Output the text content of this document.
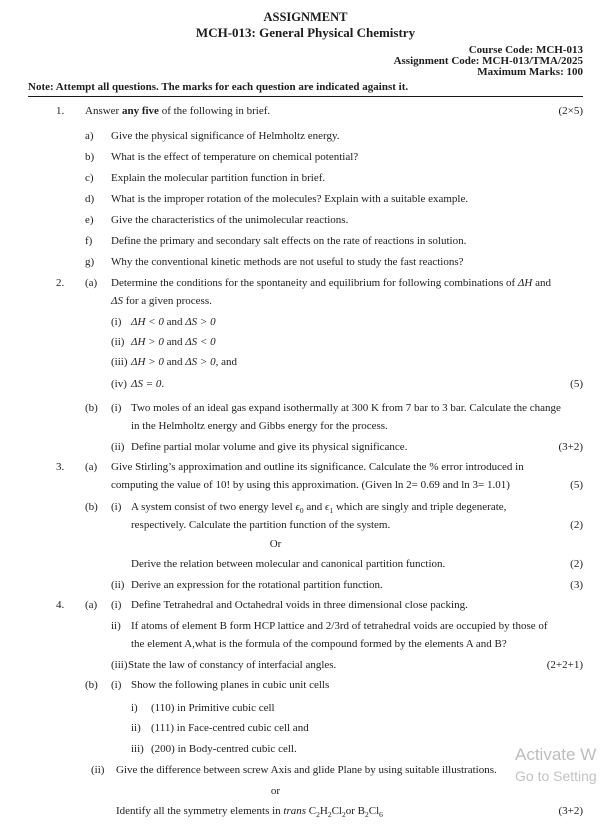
ASSIGNMENT
MCH-013: General Physical Chemistry
Course Code: MCH-013
Assignment Code: MCH-013/TMA/2025
Maximum Marks: 100
Note: Attempt all questions. The marks for each question are indicated against it.
1.	Answer any five of the following in brief.	(2×5)
a)	Give the physical significance of Helmholtz energy.
b)	What is the effect of temperature on chemical potential?
c)	Explain the molecular partition function in brief.
d)	What is the improper rotation of the molecules? Explain with a suitable example.
e)	Give the characteristics of the unimolecular reactions.
f)	Define the primary and secondary salt effects on the rate of reactions in solution.
g)	Why the conventional kinetic methods are not useful to study the fast reactions?
2.	(a)	Determine the conditions for the spontaneity and equilibrium for following combinations of ΔH and
ΔS for a given process.
(i) ΔH < 0 and ΔS > 0
(ii) ΔH > 0 and ΔS < 0
(iii) ΔH > 0 and ΔS > 0, and
(iv) ΔS = 0.	(5)
(b)	(i) Two moles of an ideal gas expand isothermally at 300 K from 7 bar to 3 bar. Calculate the change
in the Helmholtz energy and Gibbs energy for the process.
(ii) Define partial molar volume and give its physical significance.	(3+2)
3.	(a)	Give Stirling’s approximation and outline its significance. Calculate the % error introduced in
computing the value of 10! by using this approximation. (Given ln 2= 0.69 and ln 3= 1.01)	(5)
(b)	(i) A system consist of two energy level $\epsilon_0$ and $\epsilon_1$ which are singly and triple degenerate,
respectively. Calculate the partition function of the system.	(2)
Or
Derive the relation between molecular and canonical partition function.	(2)
(ii) Derive an expression for the rotational partition function.	(3)
4.	(a)	(i) Define Tetrahedral and Octahedral voids in three dimensional close packing.
ii) If atoms of element B form HCP lattice and 2/3rd of tetrahedral voids are occupied by those of
the element A,what is the formula of the compound formed by the elements A and B?
(iii) State the law of constancy of interfacial angles.	(2+2+1)
(b)	(i) Show the following planes in cubic unit cells
i)	(110) in Primitive cubic cell
ii) (111) in Face-centred cubic cell and
iii) (200) in Body-centred cubic cell.
(ii)	Give the difference between screw Axis and glide Plane by using suitable illustrations.
or
Identify all the symmetry elements in trans $C_2H_2Cl_2or$ $B_2Cl_6$	(3+2)
Activate W
Go to Setting
